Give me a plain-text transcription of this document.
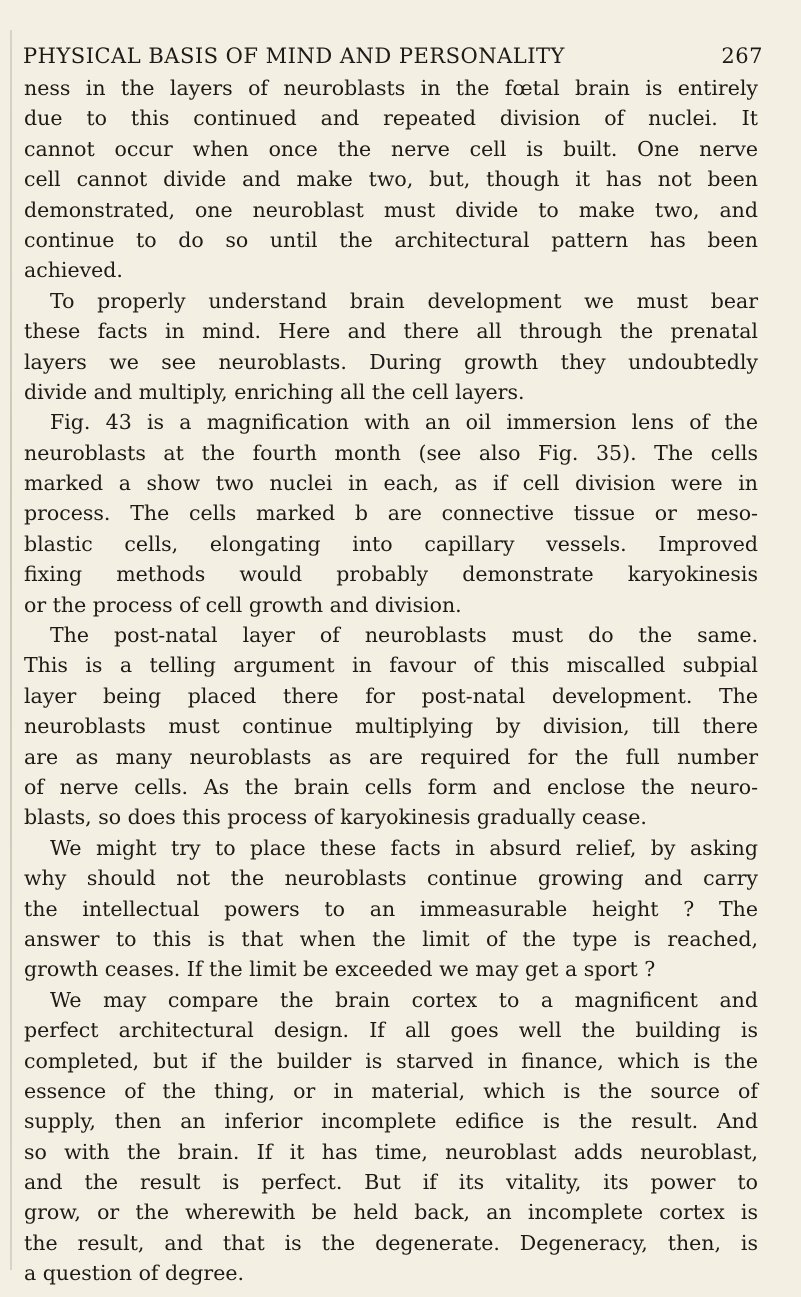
PHYSICAL BASIS OF MIND AND PERSONALITY	267
ness in the layers of neuroblasts in the fœtal brain is entirely
due to this continued and repeated division of nuclei. It
cannot occur when once the nerve cell is built. One nerve
cell cannot divide and make two, but, though it has not been
demonstrated, one neuroblast must divide to make two, and
continue to do so until the architectural pattern has been
achieved.
To properly understand brain development we must bear
these facts in mind. Here and there all through the prenatal
layers we see neuroblasts. During growth they undoubtedly
divide and multiply, enriching all the cell layers.
Fig. 43 is a magnification with an oil immersion lens of the
neuroblasts at the fourth month (see also Fig. 35). The cells
marked a show two nuclei in each, as if cell division were in
process. The cells marked b are connective tissue or meso-
blastic cells, elongating into capillary vessels. Improved
fixing methods would probably demonstrate karyokinesis
or the process of cell growth and division.
The post-natal layer of neuroblasts must do the same.
This is a telling argument in favour of this miscalled subpial
layer being placed there for post-natal development. The
neuroblasts must continue multiplying by division, till there
are as many neuroblasts as are required for the full number
of nerve cells. As the brain cells form and enclose the neuro-
blasts, so does this process of karyokinesis gradually cease.
We might try to place these facts in absurd relief, by asking
why should not the neuroblasts continue growing and carry
the intellectual powers to an immeasurable height ? The
answer to this is that when the limit of the type is reached,
growth ceases. If the limit be exceeded we may get a sport ?
We may compare the brain cortex to a magnificent and
perfect architectural design. If all goes well the building is
completed, but if the builder is starved in finance, which is the
essence of the thing, or in material, which is the source of
supply, then an inferior incomplete edifice is the result. And
so with the brain. If it has time, neuroblast adds neuroblast,
and the result is perfect. But if its vitality, its power to
grow, or the wherewith be held back, an incomplete cortex is
the result, and that is the degenerate. Degeneracy, then, is
a question of degree.
